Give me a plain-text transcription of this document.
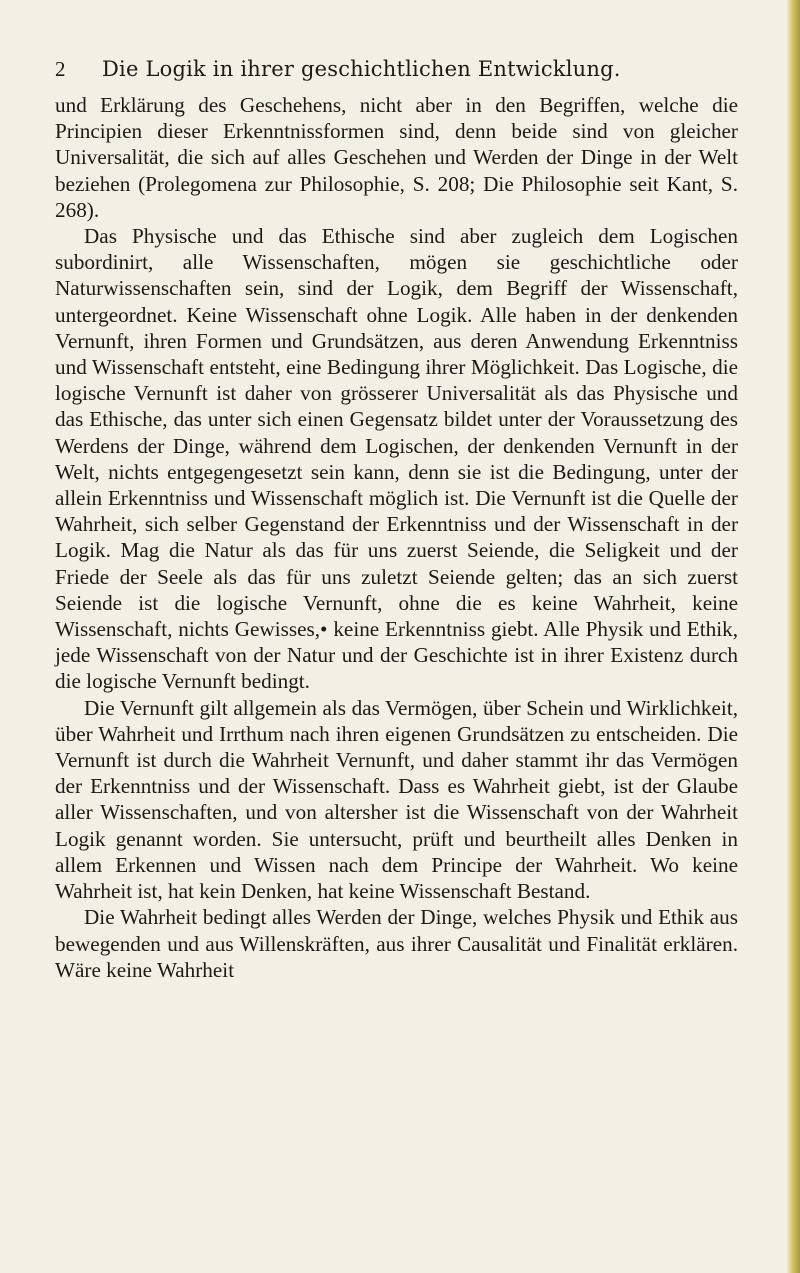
2 Die Logik in ihrer geschichtlichen Entwicklung.

und Erklärung des Geschehens, nicht aber in den Begriffen, welche die Principien dieser Erkenntnissformen sind, denn beide sind von gleicher Universalität, die sich auf alles Geschehen und Werden der Dinge in der Welt beziehen (Prolegomena zur Philosophie, S. 208; Die Philosophie seit Kant, S. 268).

Das Physische und das Ethische sind aber zugleich dem Logischen subordinirt, alle Wissenschaften, mögen sie geschichtliche oder Naturwissenschaften sein, sind der Logik, dem Begriff der Wissenschaft, untergeordnet. Keine Wissenschaft ohne Logik. Alle haben in der denkenden Vernunft, ihren Formen und Grundsätzen, aus deren Anwendung Erkenntniss und Wissenschaft entsteht, eine Bedingung ihrer Möglichkeit. Das Logische, die logische Vernunft ist daher von grösserer Universalität als das Physische und das Ethische, das unter sich einen Gegensatz bildet unter der Voraussetzung des Werdens der Dinge, während dem Logischen, der denkenden Vernunft in der Welt, nichts entgegengesetzt sein kann, denn sie ist die Bedingung, unter der allein Erkenntniss und Wissenschaft möglich ist. Die Vernunft ist die Quelle der Wahrheit, sich selber Gegenstand der Erkenntniss und der Wissenschaft in der Logik. Mag die Natur als das für uns zuerst Seiende, die Seligkeit und der Friede der Seele als das für uns zuletzt Seiende gelten; das an sich zuerst Seiende ist die logische Vernunft, ohne die es keine Wahrheit, keine Wissenschaft, nichts Gewisses,• keine Erkenntniss giebt. Alle Physik und Ethik, jede Wissenschaft von der Natur und der Geschichte ist in ihrer Existenz durch die logische Vernunft bedingt.

Die Vernunft gilt allgemein als das Vermögen, über Schein und Wirklichkeit, über Wahrheit und Irrthum nach ihren eigenen Grundsätzen zu entscheiden. Die Vernunft ist durch die Wahrheit Vernunft, und daher stammt ihr das Vermögen der Erkenntniss und der Wissenschaft. Dass es Wahrheit giebt, ist der Glaube aller Wissenschaften, und von altersher ist die Wissenschaft von der Wahrheit Logik genannt worden. Sie untersucht, prüft und beurtheilt alles Denken in allem Erkennen und Wissen nach dem Principe der Wahrheit. Wo keine Wahrheit ist, hat kein Denken, hat keine Wissenschaft Bestand.

Die Wahrheit bedingt alles Werden der Dinge, welches Physik und Ethik aus bewegenden und aus Willenskräften, aus ihrer Causalität und Finalität erklären. Wäre keine Wahrheit
